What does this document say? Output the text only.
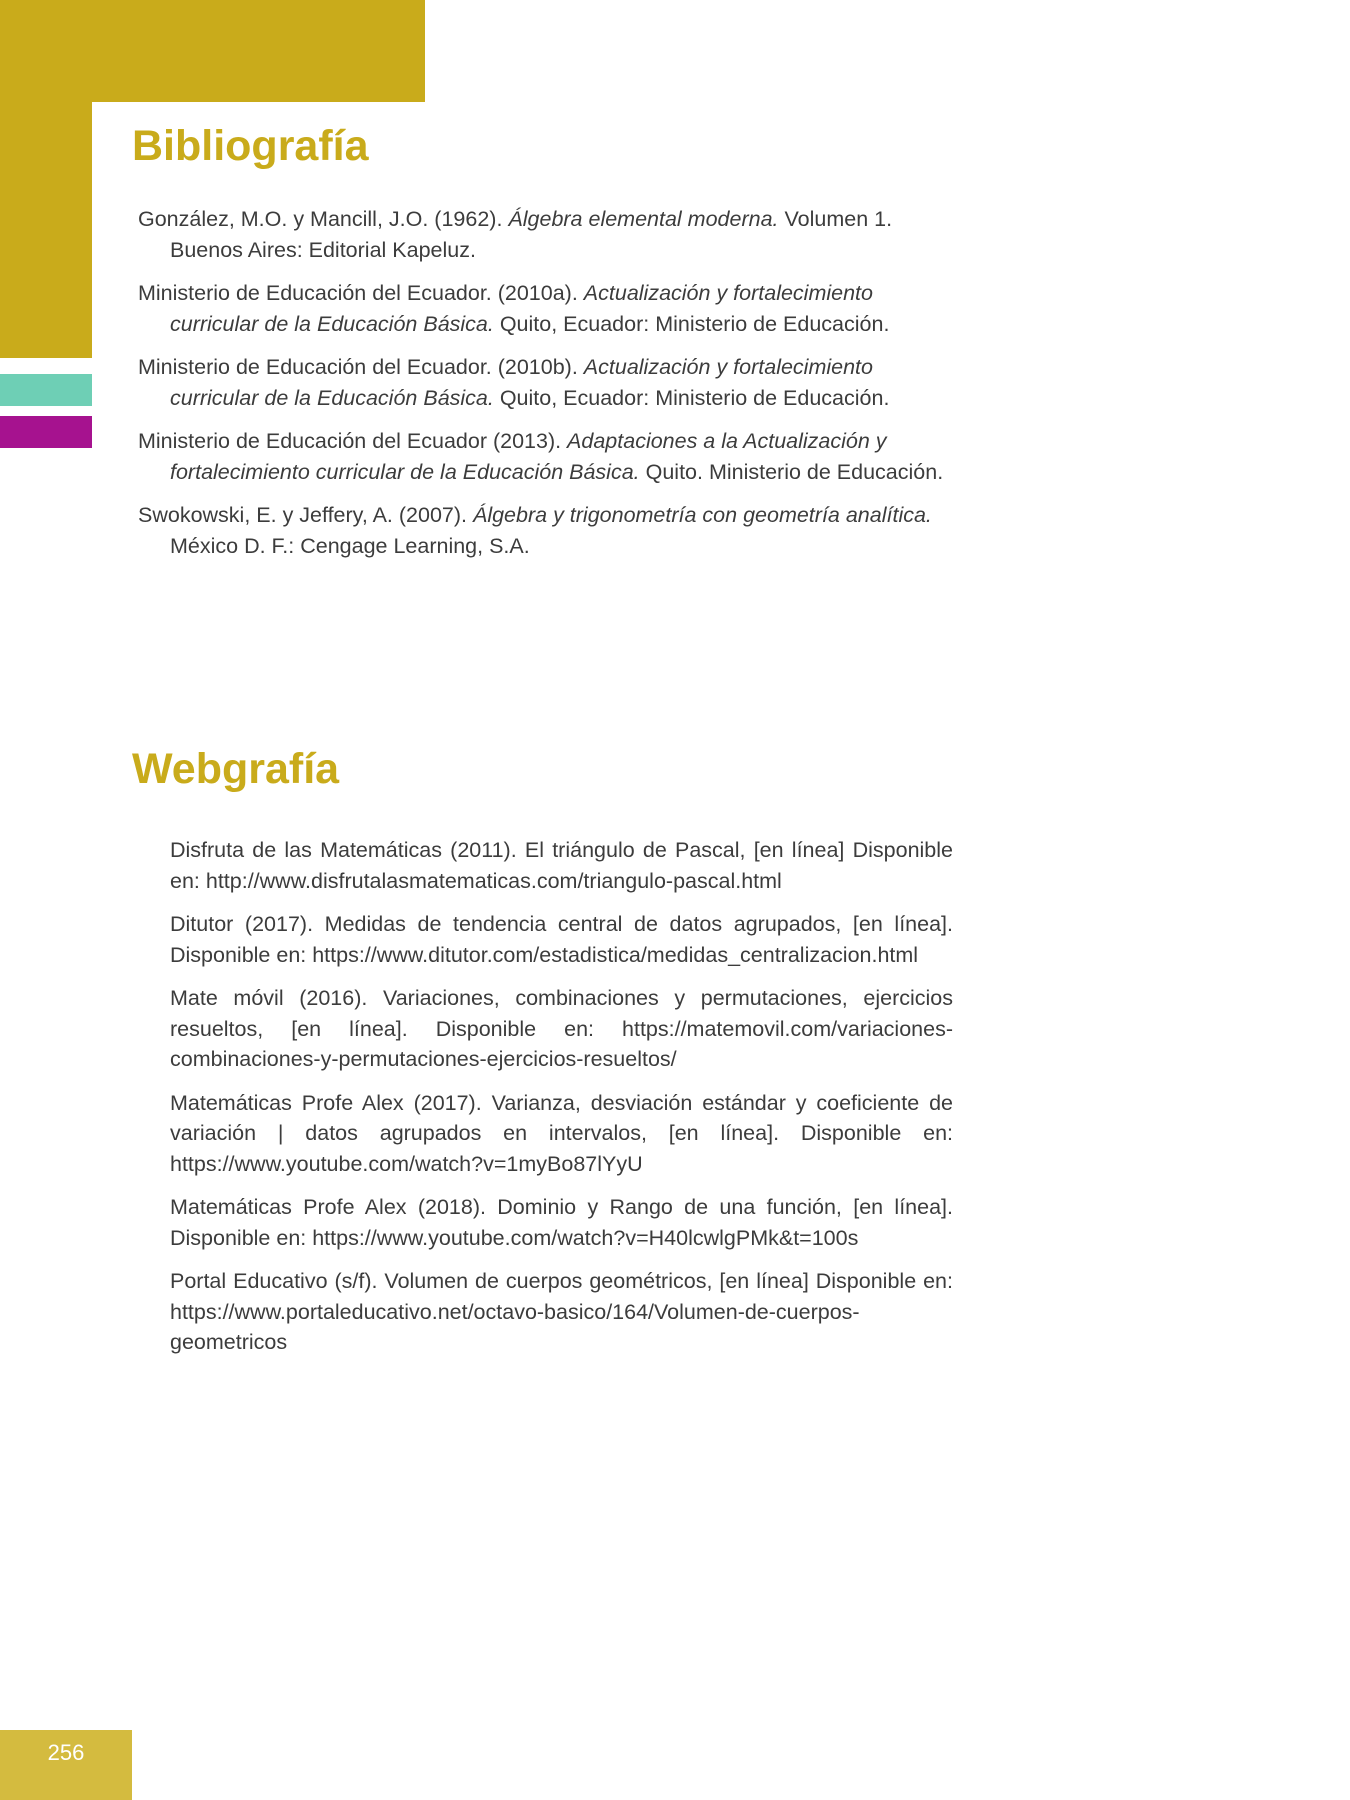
256
Bibliografía

González, M.O. y Mancill, J.O. (1962). Álgebra elemental moderna. Volumen 1. Buenos Aires: Editorial Kapeluz.

Ministerio de Educación del Ecuador. (2010a). Actualización y fortalecimiento curricular de la Educación Básica. Quito, Ecuador: Ministerio de Educación.

Ministerio de Educación del Ecuador. (2010b). Actualización y fortalecimiento curricular de la Educación Básica. Quito, Ecuador: Ministerio de Educación.

Ministerio de Educación del Ecuador (2013). Adaptaciones a la Actualización y fortalecimiento curricular de la Educación Básica. Quito. Ministerio de Educación.

Swokowski, E. y Jeffery, A. (2007). Álgebra y trigonometría con geometría analítica. México D. F.: Cengage Learning, S.A.

Webgrafía

Disfruta de las Matemáticas (2011). El triángulo de Pascal, [en línea] Disponible en: http://www.disfrutalasmatematicas.com/triangulo-pascal.html

Ditutor (2017). Medidas de tendencia central de datos agrupados, [en línea]. Disponible en: https://www.ditutor.com/estadistica/medidas_centralizacion.html

Mate móvil (2016). Variaciones, combinaciones y permutaciones, ejercicios resueltos, [en línea]. Disponible en: https://matemovil.com/variaciones-combinaciones-y-permutaciones-ejercicios-resueltos/

Matemáticas Profe Alex (2017). Varianza, desviación estándar y coeficiente de variación | datos agrupados en intervalos, [en línea]. Disponible en: https://www.youtube.com/watch?v=1myBo87lYyU

Matemáticas Profe Alex (2018). Dominio y Rango de una función, [en línea]. Disponible en: https://www.youtube.com/watch?v=H40lcwlgPMk&t=100s

Portal Educativo (s/f). Volumen de cuerpos geométricos, [en línea] Disponible en: https://www.portaleducativo.net/octavo-basico/164/Volumen-de-cuerpos-geometricos
